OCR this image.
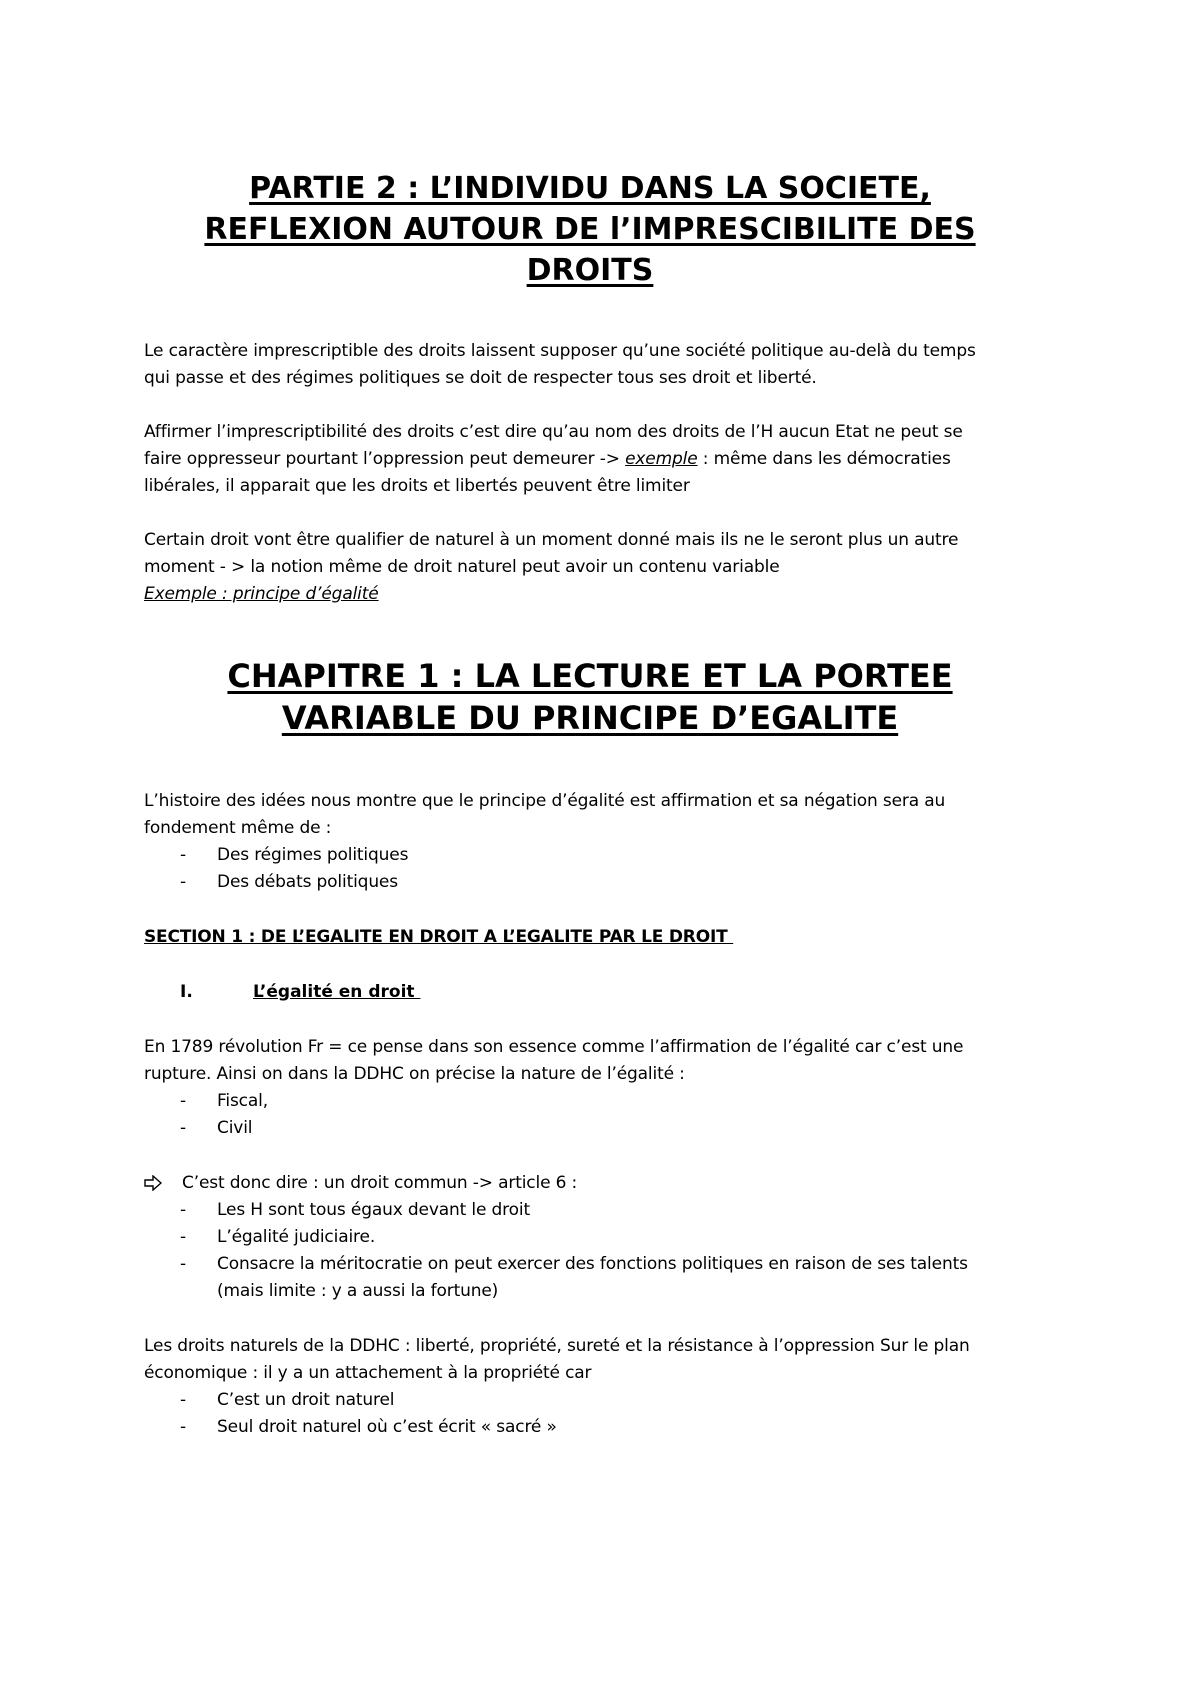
PARTIE 2 : L’INDIVIDU DANS LA SOCIETE,
REFLEXION AUTOUR DE l’IMPRESCIBILITE DES
DROITS
Le caractère imprescriptible des droits laissent supposer qu’une société politique au-delà du temps
qui passe et des régimes politiques se doit de respecter tous ses droit et liberté.
Affirmer l’imprescriptibilité des droits c’est dire qu’au nom des droits de l’H aucun Etat ne peut se
faire oppresseur pourtant l’oppression peut demeurer -> exemple : même dans les démocraties
libérales, il apparait que les droits et libertés peuvent être limiter
Certain droit vont être qualifier de naturel à un moment donné mais ils ne le seront plus un autre
moment - > la notion même de droit naturel peut avoir un contenu variable
Exemple : principe d’égalité
CHAPITRE 1 : LA LECTURE ET LA PORTEE
VARIABLE DU PRINCIPE D’EGALITE
L’histoire des idées nous montre que le principe d’égalité est affirmation et sa négation sera au
fondement même de :
- Des régimes politiques
- Des débats politiques
SECTION 1 : DE L’EGALITE EN DROIT A L’EGALITE PAR LE DROIT
I.	L’égalité en droit
En 1789 révolution Fr = ce pense dans son essence comme l’affirmation de l’égalité car c’est une
rupture. Ainsi on dans la DDHC on précise la nature de l’égalité :
- Fiscal,
- Civil
C’est donc dire : un droit commun -> article 6 :
- Les H sont tous égaux devant le droit
- L’égalité judiciaire.
- Consacre la méritocratie on peut exercer des fonctions politiques en raison de ses talents
(mais limite : y a aussi la fortune)
Les droits naturels de la DDHC : liberté, propriété, sureté et la résistance à l’oppression Sur le plan
économique : il y a un attachement à la propriété car
- C’est un droit naturel
- Seul droit naturel où c’est écrit « sacré »
